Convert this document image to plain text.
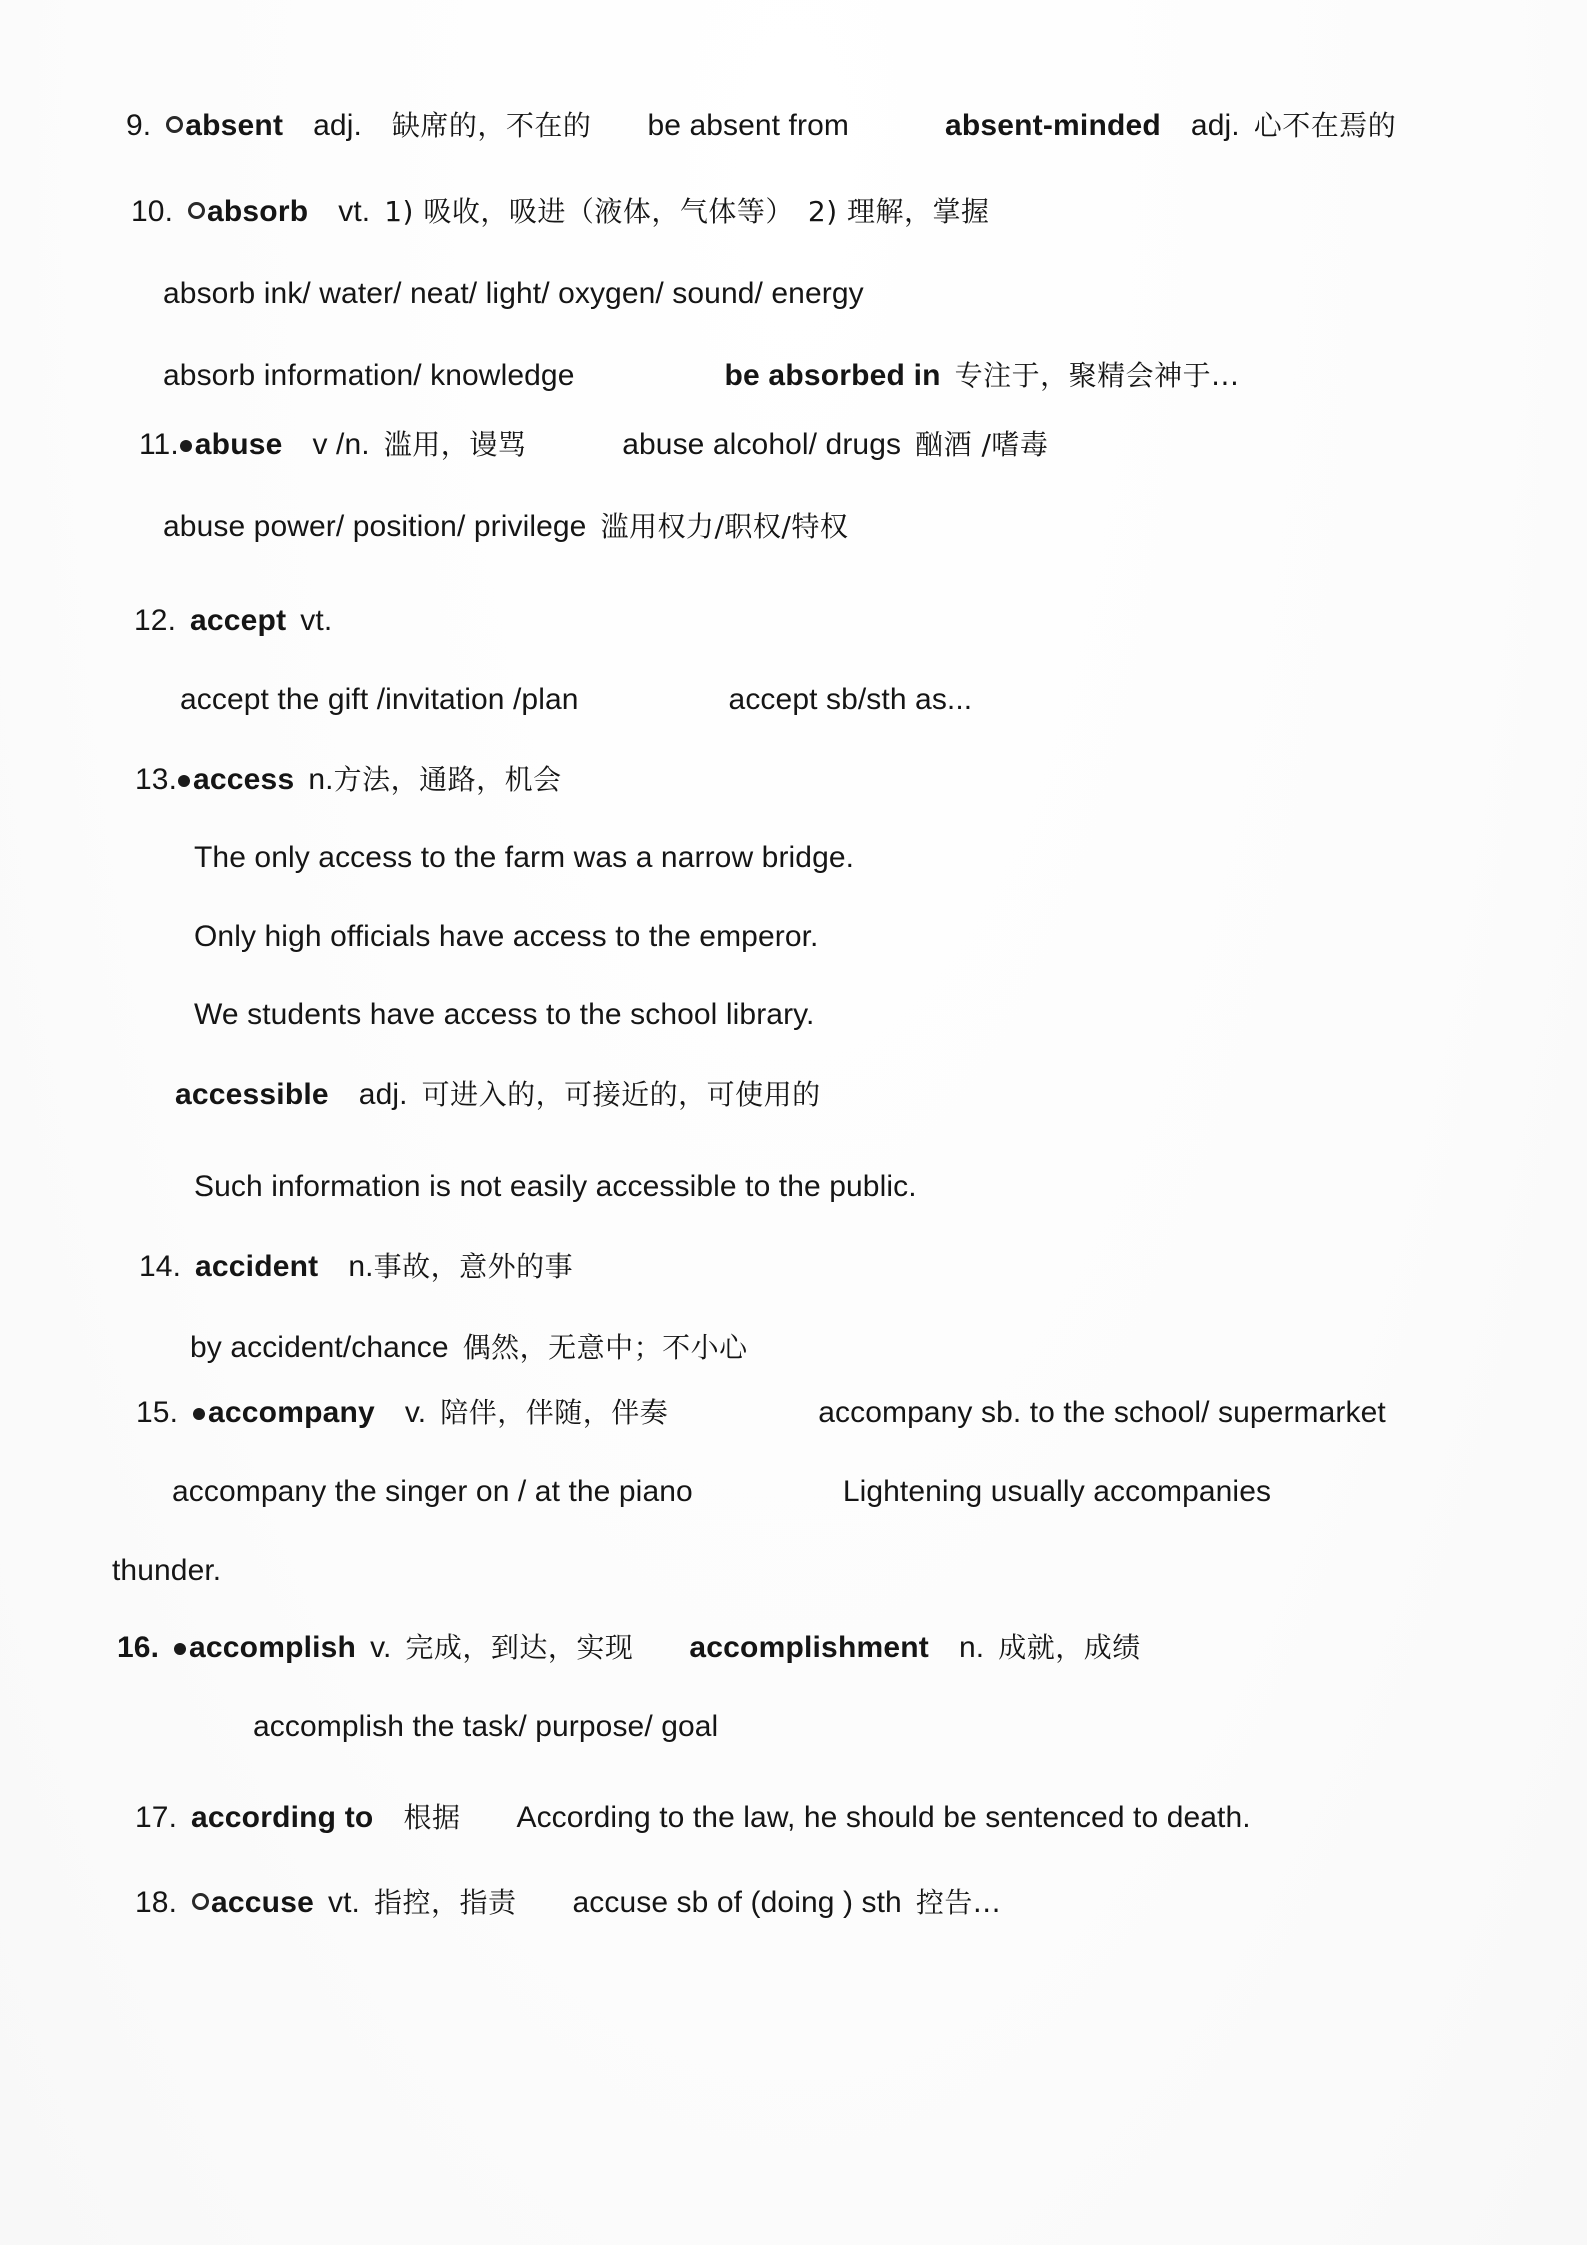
9. absent adj. 缺席的，不在的 be absent from	absent-minded adj. 心不在焉的
10. absorb vt. 1) 吸收，吸进（液体，气体等） 2) 理解，掌握
absorb ink/ water/ neat/ light/ oxygen/ sound/ energy
absorb information/ knowledge	be absorbed in 专注于，聚精会神于...
11. abuse v /n. 滥用，谩骂	abuse alcohol/ drugs 酗酒 /嗜毒
abuse power/ position/ privilege 滥用权力/职权/特权
12. accept vt.
accept the gift /invitation /plan	accept sb/sth as...
13. access n.方法，通路，机会
The only access to the farm was a narrow bridge.
Only high officials have access to the emperor.
We students have access to the school library.
accessible adj. 可进入的，可接近的，可使用的
Such information is not easily accessible to the public.
14. accident n.事故，意外的事
by accident/chance 偶然，无意中；不小心
15. accompany v. 陪伴，伴随，伴奏	accompany sb. to the school/ supermarket
accompany the singer on / at the piano	Lightening usually accompanies
thunder.
16. accomplish v. 完成，到达，实现 accomplishment n. 成就，成绩
accomplish the task/ purpose/ goal
17. according to 根据 According to the law, he should be sentenced to death.
18. accuse vt. 指控，指责 accuse sb of (doing ) sth 控告...
